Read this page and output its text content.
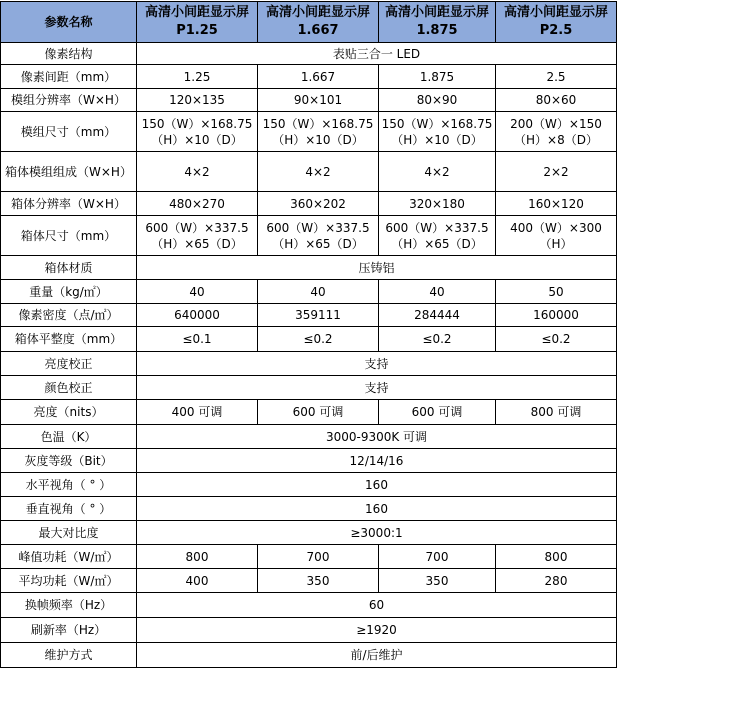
参数名称	高清小间距显示屏 P1.25	高清小间距显示屏 1.667	高清小间距显示屏 1.875	高清小间距显示屏 P2.5
像素结构	表贴三合一 LED			
像素间距（mm）	1.25	1.667	1.875	2.5
模组分辨率（W×H）	120×135	90×101	80×90	80×60
模组尺寸（mm）	150（W）×168.75（H）×10（D）	150（W）×168.75（H）×10（D）	150（W）×168.75（H）×10（D）	200（W）×150（H）×8（D）
箱体模组组成（W×H）	4×2	4×2	4×2	2×2
箱体分辨率（W×H）	480×270	360×202	320×180	160×120
箱体尺寸（mm）	600（W）×337.5（H）×65（D）	600（W）×337.5（H）×65（D）	600（W）×337.5（H）×65（D）	400（W）×300（H）
箱体材质	压铸铝			
重量（kg/㎡）	40	40	40	50
像素密度（点/㎡）	640000	359111	284444	160000
箱体平整度（mm）	≤0.1	≤0.2	≤0.2	≤0.2
亮度校正	支持			
颜色校正	支持			
亮度（nits）	400 可调	600 可调	600 可调	800 可调
色温（K）	3000-9300K 可调			
灰度等级（Bit）	12/14/16			
水平视角（ ° ）	160			
垂直视角（ ° ）	160			
最大对比度	≥3000:1			
峰值功耗（W/㎡）	800	700	700	800
平均功耗（W/㎡）	400	350	350	280
换帧频率（Hz）	60			
刷新率（Hz）	≥1920			
维护方式	前/后维护			
